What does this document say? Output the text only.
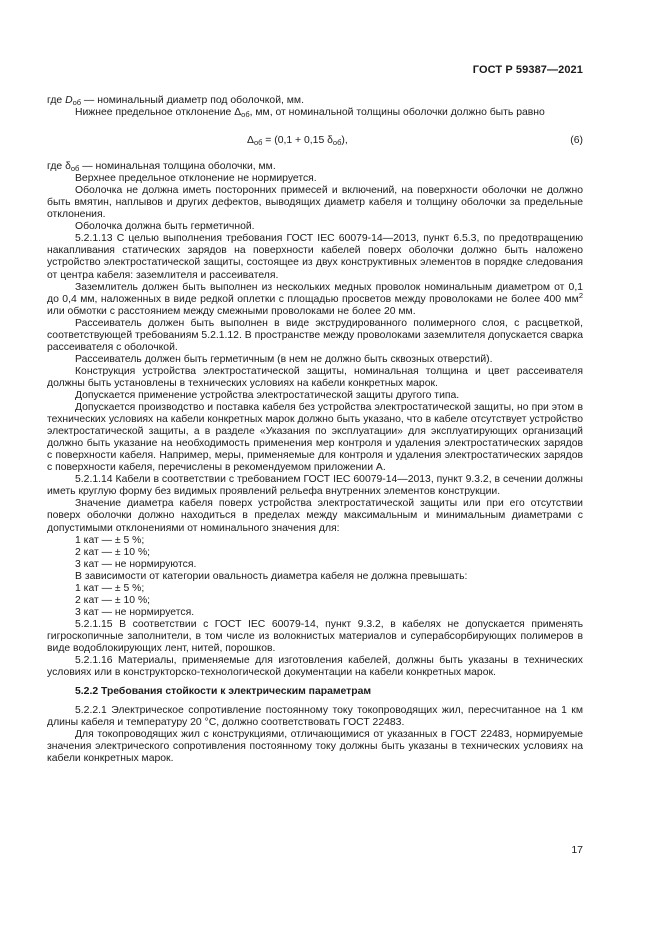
ГОСТ Р 59387—2021

где $D_{об}$ — номинальный диаметр под оболочкой, мм.

Нижнее предельное отклонение $\Delta_{об}$, мм, от номинальной толщины оболочки должно быть равно

$\Delta_{об} = (0,1 + 0,15$ $\delta_{об}$),	(6)

где $\delta_{об}$ — номинальная толщина оболочки, мм.

Верхнее предельное отклонение не нормируется.

Оболочка не должна иметь посторонних примесей и включений, на поверхности оболочки не должно быть вмятин, наплывов и других дефектов, выводящих диаметр кабеля и толщину оболочки за предельные отклонения.

Оболочка должна быть герметичной.

5.2.1.13 С целью выполнения требования ГОСТ IEC 60079-14—2013, пункт 6.5.3, по предотвращению накапливания статических зарядов на поверхности кабелей поверх оболочки должно быть наложено устройство электростатической защиты, состоящее из двух конструктивных элементов в порядке следования от центра кабеля: заземлителя и рассеивателя.

Заземлитель должен быть выполнен из нескольких медных проволок номинальным диаметром от 0,1 до 0,4 мм, наложенных в виде редкой оплетки с площадью просветов между проволоками не более 400 $мм^2$ или обмотки с расстоянием между смежными проволоками не более 20 мм.

Рассеиватель должен быть выполнен в виде экструдированного полимерного слоя, с расцветкой, соответствующей требованиям 5.2.1.12. В пространстве между проволоками заземлителя допускается сварка рассеивателя с оболочкой.

Рассеиватель должен быть герметичным (в нем не должно быть сквозных отверстий).

Конструкция устройства электростатической защиты, номинальная толщина и цвет рассеивателя должны быть установлены в технических условиях на кабели конкретных марок.

Допускается применение устройства электростатической защиты другого типа.

Допускается производство и поставка кабеля без устройства электростатической защиты, но при этом в технических условиях на кабели конкретных марок должно быть указано, что в кабеле отсутствует устройство электростатической защиты, а в разделе «Указания по эксплуатации» для эксплуатирующих организаций должно быть указание на необходимость применения мер контроля и удаления электростатических зарядов с поверхности кабеля. Например, меры, применяемые для контроля и удаления электростатических зарядов с поверхности кабеля, перечислены в рекомендуемом приложении А.

5.2.1.14 Кабели в соответствии с требованием ГОСТ IEC 60079-14—2013, пункт 9.3.2, в сечении должны иметь круглую форму без видимых проявлений рельефа внутренних элементов конструкции.

Значение диаметра кабеля поверх устройства электростатической защиты или при его отсутствии поверх оболочки должно находиться в пределах между максимальным и минимальным диаметрами с допустимыми отклонениями от номинального значения для:

1 кат — ± 5 %;

2 кат — ± 10 %;

3 кат — не нормируются.

В зависимости от категории овальность диаметра кабеля не должна превышать:

1 кат — ± 5 %;

2 кат — ± 10 %;

3 кат — не нормируется.

5.2.1.15 В соответствии с ГОСТ IEC 60079-14, пункт 9.3.2, в кабелях не допускается применять гигроскопичные заполнители, в том числе из волокнистых материалов и суперабсорбирующих полимеров в виде водоблокирующих лент, нитей, порошков.

5.2.1.16 Материалы, применяемые для изготовления кабелей, должны быть указаны в технических условиях или в конструкторско-технологической документации на кабели конкретных марок.

5.2.2 Требования стойкости к электрическим параметрам

5.2.2.1 Электрическое сопротивление постоянному току токопроводящих жил, пересчитанное на 1 км длины кабеля и температуру 20 °С, должно соответствовать ГОСТ 22483.

Для токопроводящих жил с конструкциями, отличающимися от указанных в ГОСТ 22483, нормируемые значения электрического сопротивления постоянному току должны быть указаны в технических условиях на кабели конкретных марок.

17
